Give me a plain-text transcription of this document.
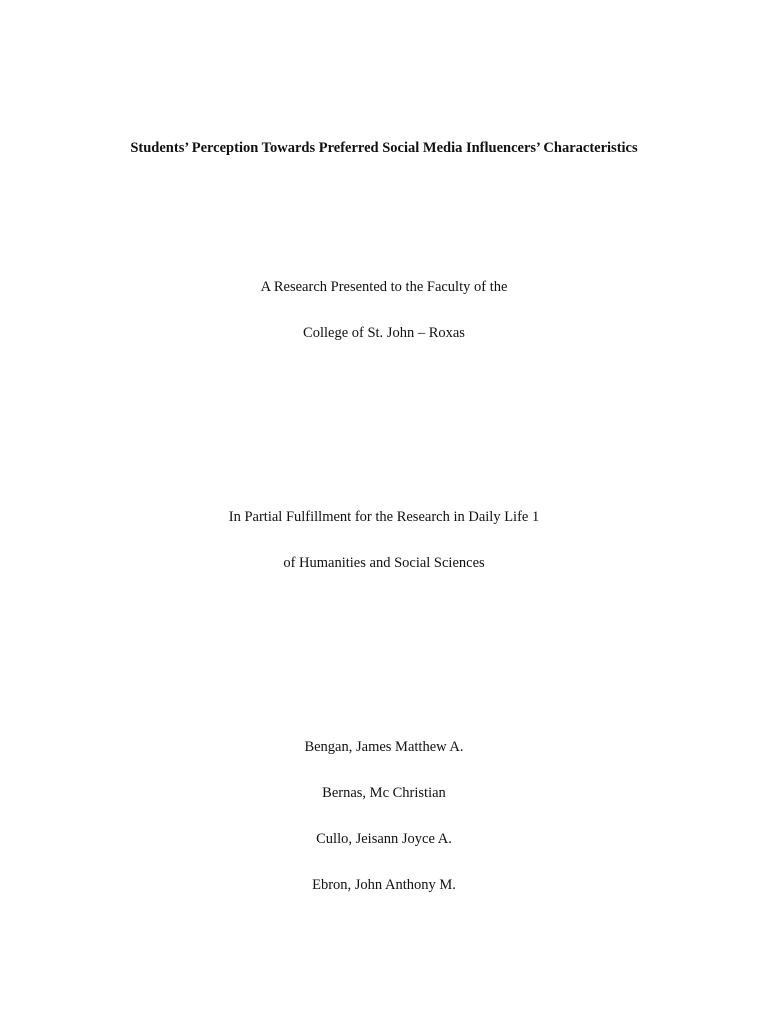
Students’ Perception Towards Preferred Social Media Influencers’ Characteristics
A Research Presented to the Faculty of the
College of St. John – Roxas
In Partial Fulfillment for the Research in Daily Life 1
of Humanities and Social Sciences
Bengan, James Matthew A.
Bernas, Mc Christian
Cullo, Jeisann Joyce A.
Ebron, John Anthony M.
